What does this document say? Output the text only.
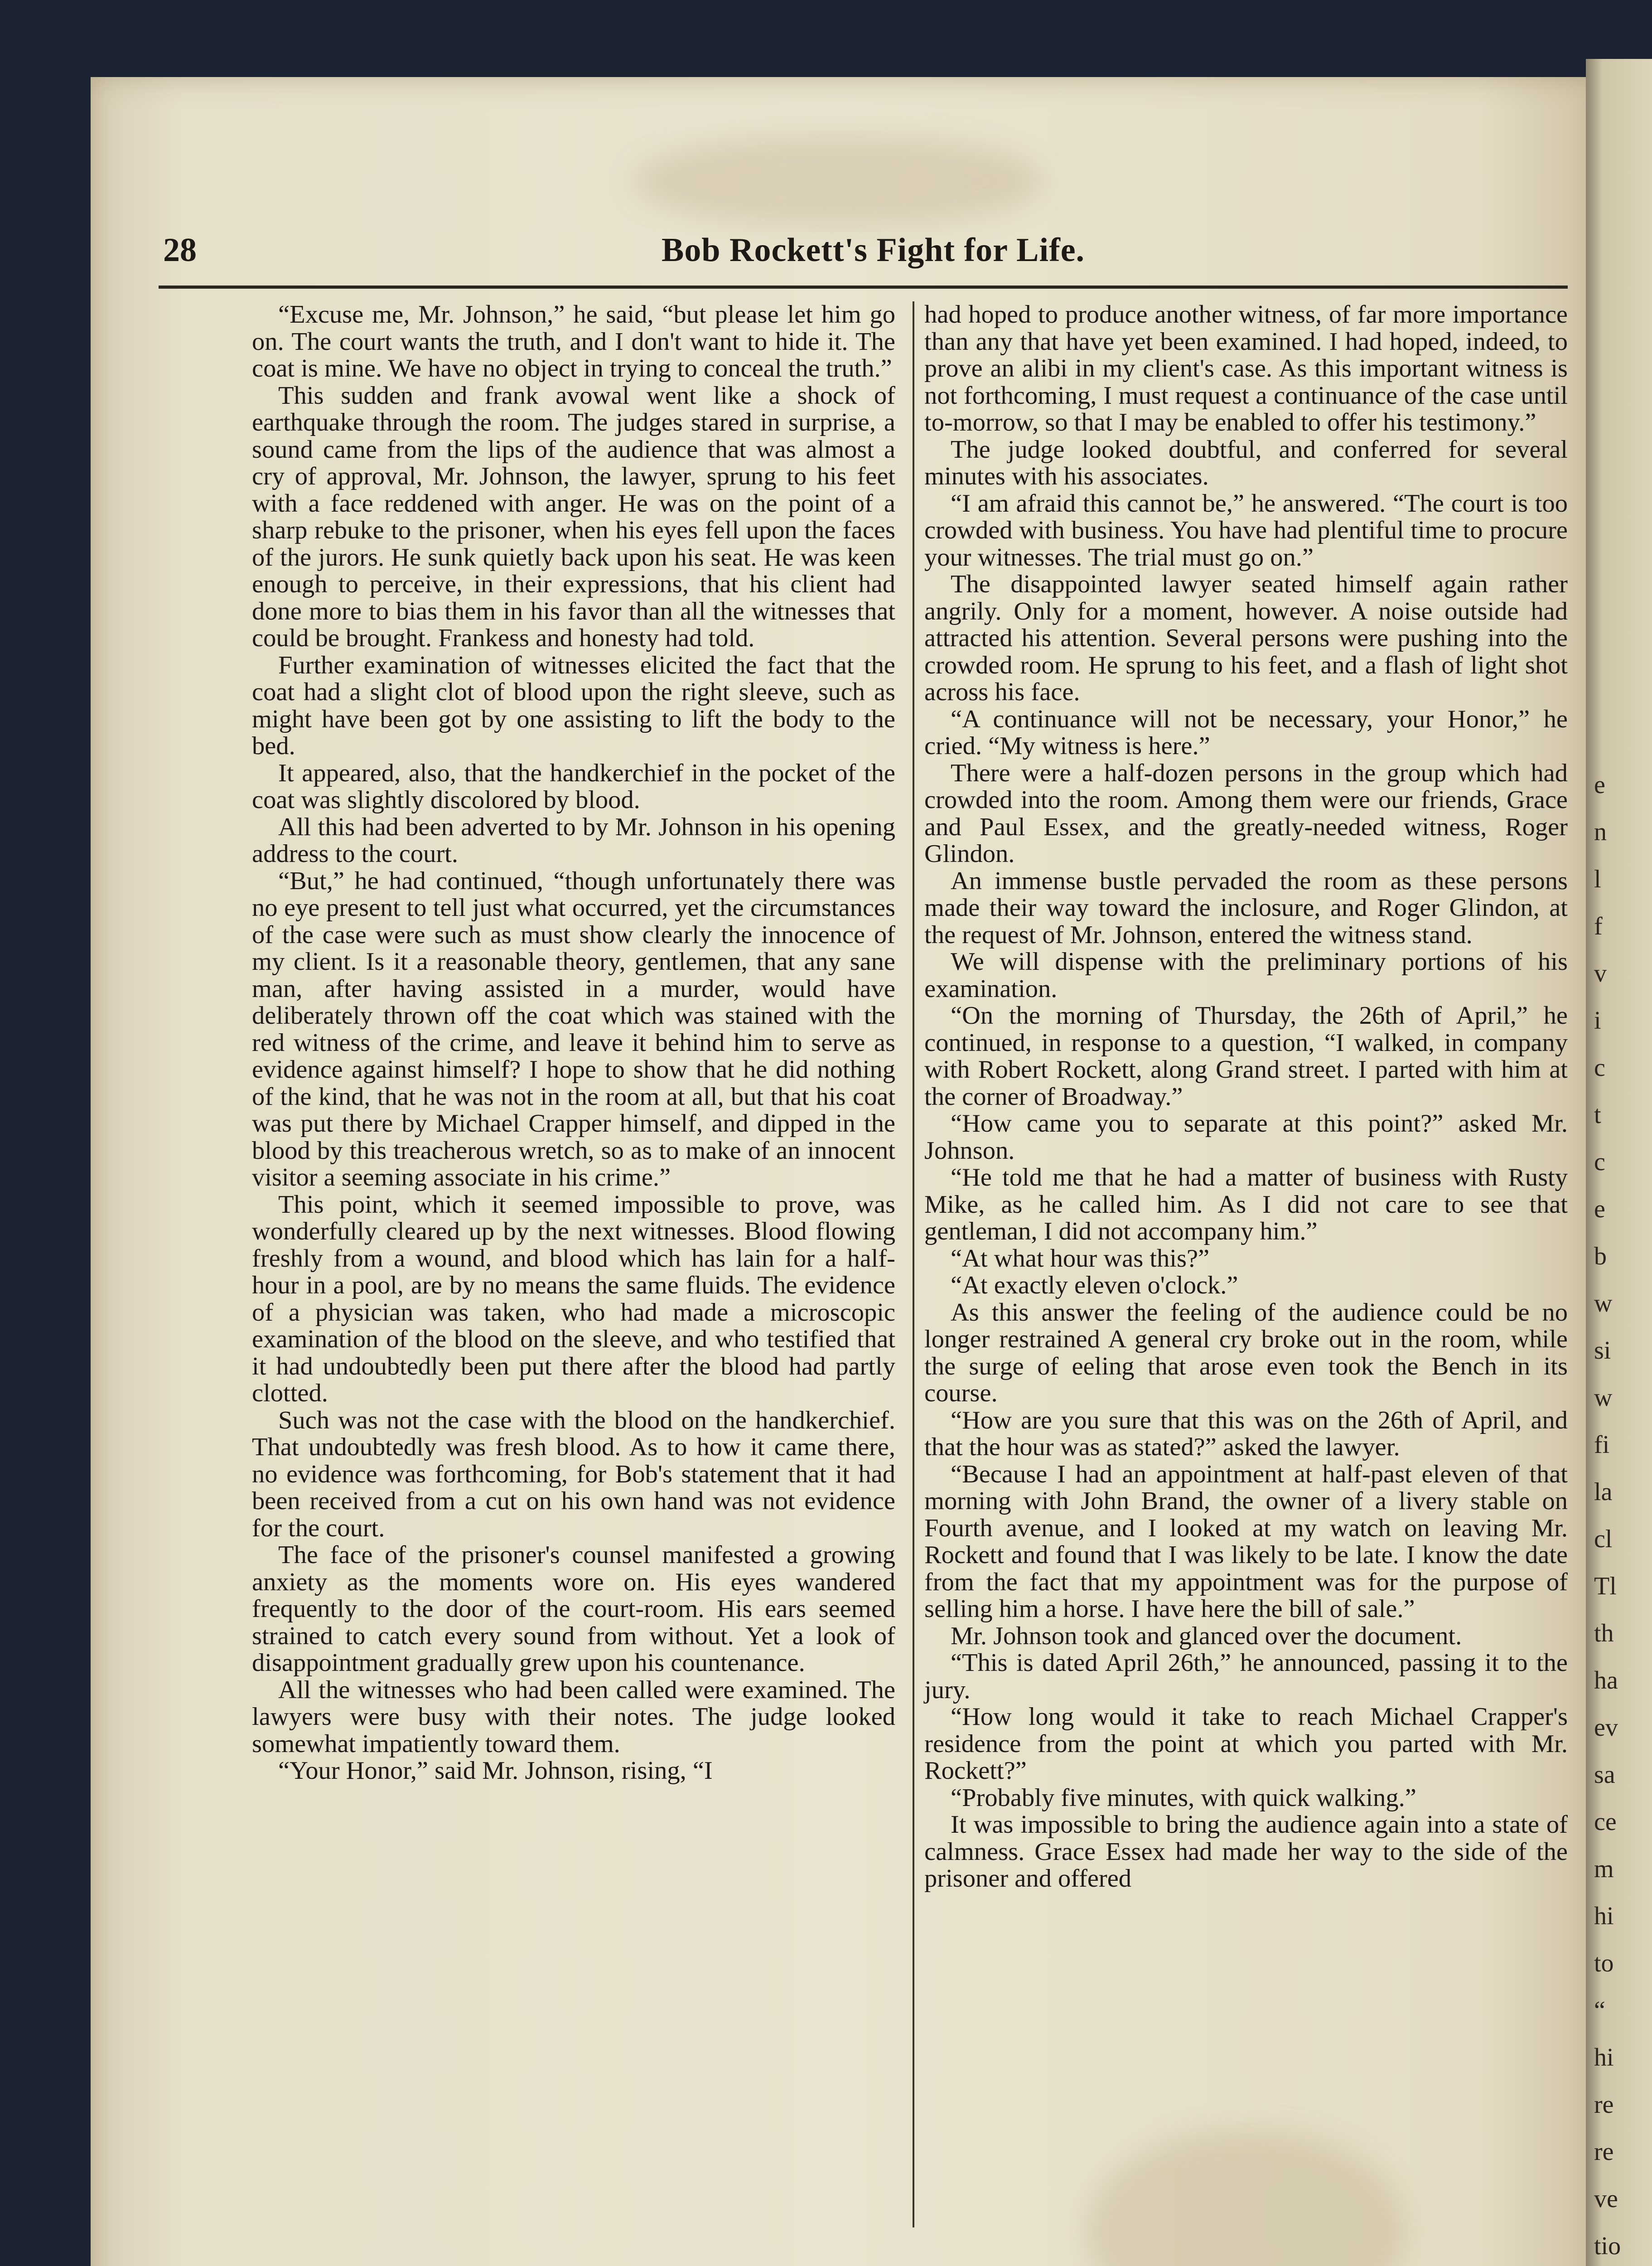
e
n
l
f
v
i
c
t
c
e
b
w
si
w
fi
la
cl
Tl
th
ha
ev
sa
ce
m
hi
to
“
hi
re
re
ve
tio
28	Bob Rockett's Fight for Life.

“Excuse me, Mr. Johnson,” he said, “but please let him go on. The court wants the truth, and I don't want to hide it. The coat is mine. We have no object in trying to conceal the truth.”

This sudden and frank avowal went like a shock of earthquake through the room. The judges stared in surprise, a sound came from the lips of the audience that was almost a cry of approval, Mr. Johnson, the lawyer, sprung to his feet with a face reddened with anger. He was on the point of a sharp rebuke to the prisoner, when his eyes fell upon the faces of the jurors. He sunk quietly back upon his seat. He was keen enough to perceive, in their expressions, that his client had done more to bias them in his favor than all the witnesses that could be brought. Frankess and honesty had told.

Further examination of witnesses elicited the fact that the coat had a slight clot of blood upon the right sleeve, such as might have been got by one assisting to lift the body to the bed.

It appeared, also, that the handkerchief in the pocket of the coat was slightly discolored by blood.

All this had been adverted to by Mr. Johnson in his opening address to the court.

“But,” he had continued, “though unfortunately there was no eye present to tell just what occurred, yet the circumstances of the case were such as must show clearly the innocence of my client. Is it a reasonable theory, gentlemen, that any sane man, after having assisted in a murder, would have deliberately thrown off the coat which was stained with the red witness of the crime, and leave it behind him to serve as evidence against himself? I hope to show that he did nothing of the kind, that he was not in the room at all, but that his coat was put there by Michael Crapper himself, and dipped in the blood by this treacherous wretch, so as to make of an innocent visitor a seeming associate in his crime.”

This point, which it seemed impossible to prove, was wonderfully cleared up by the next witnesses. Blood flowing freshly from a wound, and blood which has lain for a half-hour in a pool, are by no means the same fluids. The evidence of a physician was taken, who had made a microscopic examination of the blood on the sleeve, and who testified that it had undoubtedly been put there after the blood had partly clotted.

Such was not the case with the blood on the handkerchief. That undoubtedly was fresh blood. As to how it came there, no evidence was forthcoming, for Bob's statement that it had been received from a cut on his own hand was not evidence for the court.

The face of the prisoner's counsel manifested a growing anxiety as the moments wore on. His eyes wandered frequently to the door of the court-room. His ears seemed strained to catch every sound from without. Yet a look of disappointment gradually grew upon his countenance.

All the witnesses who had been called were examined. The lawyers were busy with their notes. The judge looked somewhat impatiently toward them.

“Your Honor,” said Mr. Johnson, rising, “I

had hoped to produce another witness, of far more importance than any that have yet been examined. I had hoped, indeed, to prove an alibi in my client's case. As this important witness is not forthcoming, I must request a continuance of the case until to-morrow, so that I may be enabled to offer his testimony.”

The judge looked doubtful, and conferred for several minutes with his associates.

“I am afraid this cannot be,” he answered. “The court is too crowded with business. You have had plentiful time to procure your witnesses. The trial must go on.”

The disappointed lawyer seated himself again rather angrily. Only for a moment, however. A noise outside had attracted his attention. Several persons were pushing into the crowded room. He sprung to his feet, and a flash of light shot across his face.

“A continuance will not be necessary, your Honor,” he cried. “My witness is here.”

There were a half-dozen persons in the group which had crowded into the room. Among them were our friends, Grace and Paul Essex, and the greatly-needed witness, Roger Glindon.

An immense bustle pervaded the room as these persons made their way toward the inclosure, and Roger Glindon, at the request of Mr. Johnson, entered the witness stand.

We will dispense with the preliminary portions of his examination.

“On the morning of Thursday, the 26th of April,” he continued, in response to a question, “I walked, in company with Robert Rockett, along Grand street. I parted with him at the corner of Broadway.”

“How came you to separate at this point?” asked Mr. Johnson.

“He told me that he had a matter of business with Rusty Mike, as he called him. As I did not care to see that gentleman, I did not accompany him.”

“At what hour was this?”

“At exactly eleven o'clock.”

As this answer the feeling of the audience could be no longer restrained A general cry broke out in the room, while the surge of eeling that arose even took the Bench in its course.

“How are you sure that this was on the 26th of April, and that the hour was as stated?” asked the lawyer.

“Because I had an appointment at half-past eleven of that morning with John Brand, the owner of a livery stable on Fourth avenue, and I looked at my watch on leaving Mr. Rockett and found that I was likely to be late. I know the date from the fact that my appointment was for the purpose of selling him a horse. I have here the bill of sale.”

Mr. Johnson took and glanced over the document.

“This is dated April 26th,” he announced, passing it to the jury.

“How long would it take to reach Michael Crapper's residence from the point at which you parted with Mr. Rockett?”

“Probably five minutes, with quick walking.”

It was impossible to bring the audience again into a state of calmness. Grace Essex had made her way to the side of the prisoner and offered
